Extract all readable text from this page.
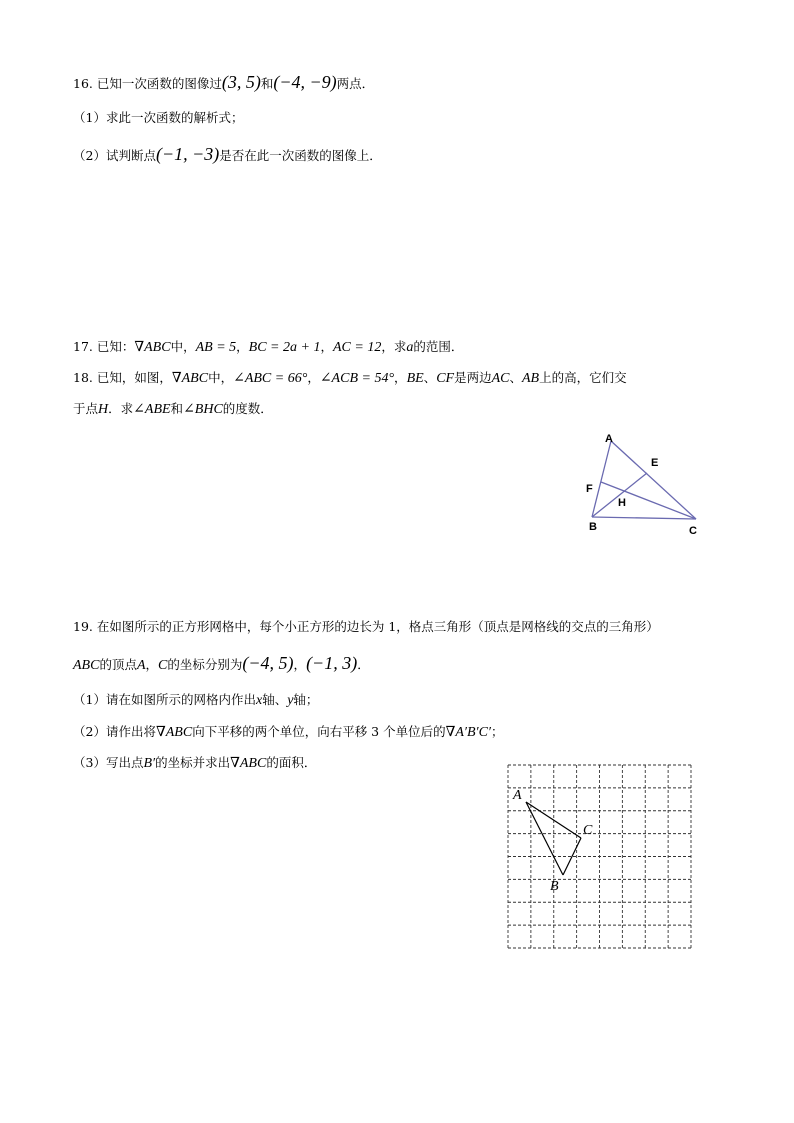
16. 已知一次函数的图像过(3, 5)和(−4, −9)两点．
（1）求此一次函数的解析式；
（2）试判断点(−1, −3)是否在此一次函数的图像上．
17. 已知：∇ABC中，AB = 5，BC = 2a + 1，AC = 12，求a的范围．
18. 已知，如图，∇ABC中，∠ABC = 66°，∠ACB = 54°，BE、CF是两边AC、AB上的高，它们交
于点H．求∠ABE和∠BHC的度数．
A
E
F
H
B	C
19. 在如图所示的正方形网格中，每个小正方形的边长为 1，格点三角形（顶点是网格线的交点的三角形）
ABC的顶点A，C的坐标分别为(−4, 5)，(−1, 3)．
（1）请在如图所示的网格内作出x轴、y轴；
（2）请作出将∇ABC向下平移的两个单位，向右平移 3 个单位后的∇A′B′C′；
（3）写出点B′的坐标并求出∇ABC的面积．
A
C
B
